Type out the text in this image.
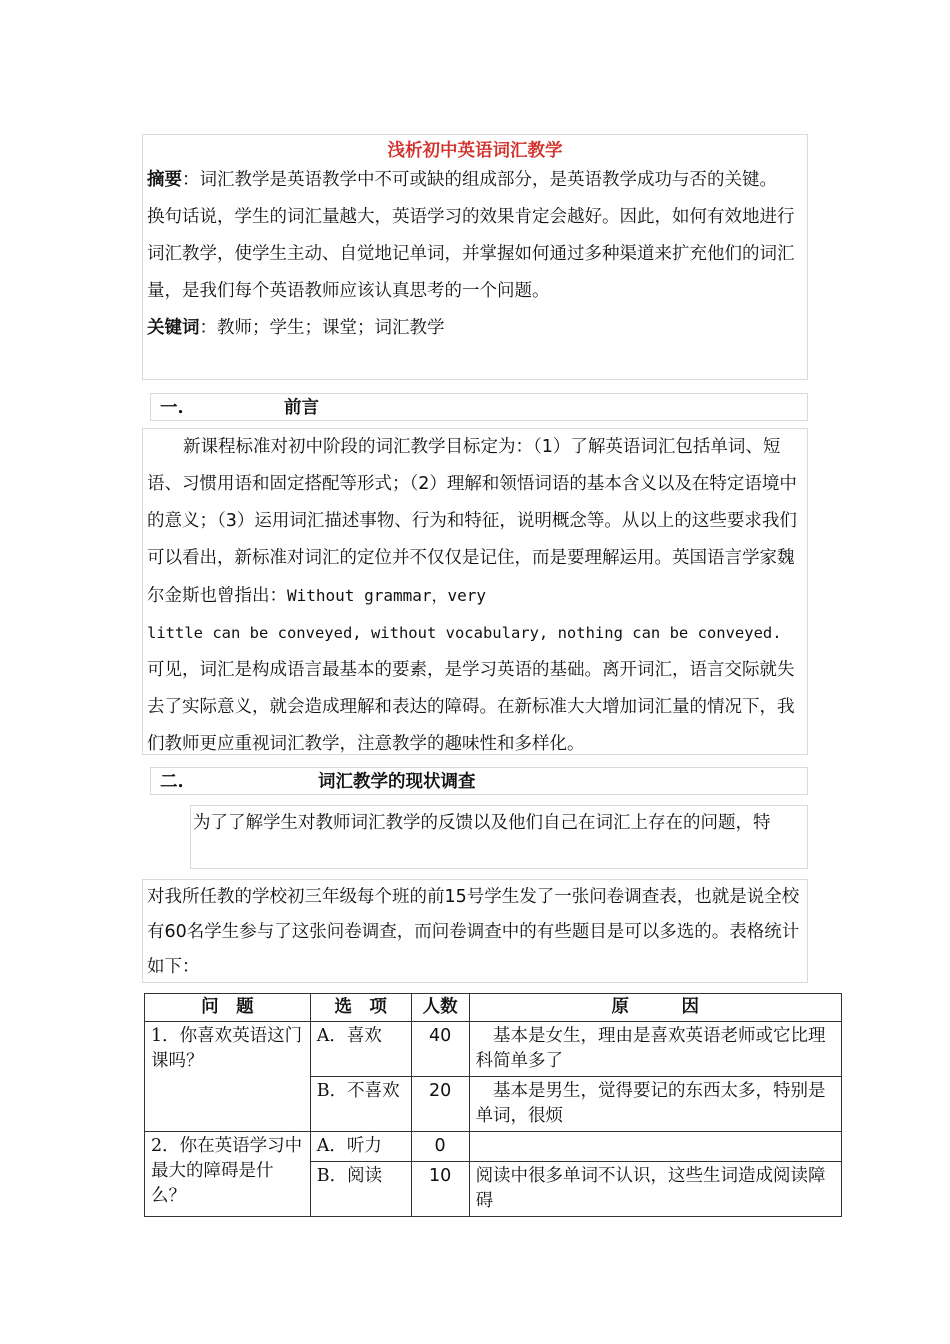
浅析初中英语词汇教学
摘要：词汇教学是英语教学中不可或缺的组成部分，是英语教学成功与否的关键。
换句话说，学生的词汇量越大，英语学习的效果肯定会越好。因此，如何有效地进行词汇教学，使学生主动、自觉地记单词，并掌握如何通过多种渠道来扩充他们的词汇量，是我们每个英语教师应该认真思考的一个问题。
关键词：教师；学生；课堂；词汇教学
一.	前言
新课程标准对初中阶段的词汇教学目标定为：（1）了解英语词汇包括单词、短语、习惯用语和固定搭配等形式；（2）理解和领悟词语的基本含义以及在特定语境中的意义；（3）运用词汇描述事物、行为和特征，说明概念等。从以上的这些要求我们可以看出，新标准对词汇的定位并不仅仅是记住，而是要理解运用。英国语言学家魏尔金斯也曾指出：Without grammar，very
little can be conveyed, without vocabulary, nothing can be conveyed.
可见，词汇是构成语言最基本的要素，是学习英语的基础。离开词汇，语言交际就失去了实际意义，就会造成理解和表达的障碍。在新标准大大增加词汇量的情况下，我们教师更应重视词汇教学，注意教学的趣味性和多样化。
二.	词汇教学的现状调查
为了了解学生对教师词汇教学的反馈以及他们自己在词汇上存在的问题，特
对我所任教的学校初三年级每个班的前15号学生发了一张问卷调查表，也就是说全校有60名学生参与了这张问卷调查，而问卷调查中的有些题目是可以多选的。表格统计如下：
问　题	选　项	人数	原　　　因
1．你喜欢英语这门课吗？	A．喜欢	40	　基本是女生，理由是喜欢英语老师或它比理科简单多了
	B．不喜欢	20	　基本是男生，觉得要记的东西太多，特别是单词，很烦
2．你在英语学习中最大的障碍是什么？	A．听力	0	
	B．阅读	10	阅读中很多单词不认识，这些生词造成阅读障碍
